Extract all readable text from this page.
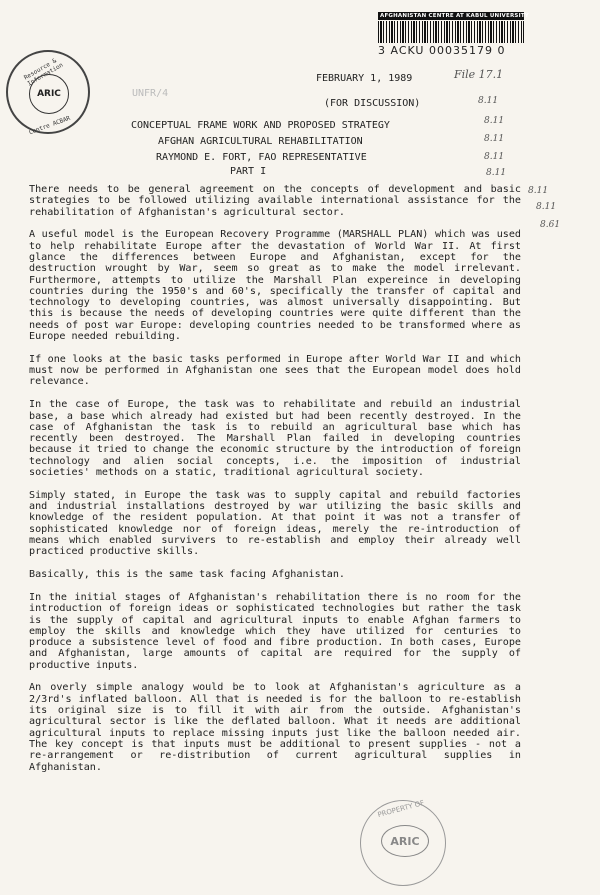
Resource & Information
Centre ACBAR
ARIC
AFGHANISTAN CENTRE AT KABUL UNIVERSITY
3 ACKU 00035179 0
UNFR/4
FEBRUARY 1, 1989
(FOR DISCUSSION)
CONCEPTUAL FRAME WORK AND PROPOSED STRATEGY
AFGHAN AGRICULTURAL REHABILITATION
RAYMOND E. FORT, FAO REPRESENTATIVE
PART I
File 17.1
8.11
8.11
8.11
8.11
8.11
8.11
8.11
8.61

There needs to be general agreement on the concepts of development and basic strategies to be followed utilizing available international assistance for the rehabilitation of Afghanistan's agricultural sector.

A useful model is the European Recovery Programme (MARSHALL PLAN) which was used to help rehabilitate Europe after the devastation of World War II. At first glance the differences between Europe and Afghanistan, except for the destruction wrought by War, seem so great as to make the model irrelevant. Furthermore, attempts to utilize the Marshall Plan expereince in developing countries during the 1950's and 60's, specifically the transfer of capital and technology to developing countries, was almost universally disappointing. But this is because the needs of developing countries were quite different than the needs of post war Europe: developing countries needed to be transformed where as Europe needed rebuilding.

If one looks at the basic tasks performed in Europe after World War II and which must now be performed in Afghanistan one sees that the European model does hold relevance.

In the case of Europe, the task was to rehabilitate and rebuild an industrial base, a base which already had existed but had been recently destroyed. In the case of Afghanistan the task is to rebuild an agricultural base which has recently been destroyed. The Marshall Plan failed in developing countries because it tried to change the economic structure by the introduction of foreign technology and alien social concepts, i.e. the imposition of industrial societies' methods on a static, traditional agricultural society.

Simply stated, in Europe the task was to supply capital and rebuild factories and industrial installations destroyed by war utilizing the basic skills and knowledge of the resident population. At that point it was not a transfer of sophisticated knowledge nor of foreign ideas, merely the re-introduction of means which enabled survivers to re-establish and employ their already well practiced productive skills.

Basically, this is the same task facing Afghanistan.

In the initial stages of Afghanistan's rehabilitation there is no room for the introduction of foreign ideas or sophisticated technologies but rather the task is the supply of capital and agricultural inputs to enable Afghan farmers to employ the skills and knowledge which they have utilized for centuries to produce a subsistence level of food and fibre production. In both cases, Europe and Afghanistan, large amounts of capital are required for the supply of productive inputs.

An overly simple analogy would be to look at Afghanistan's agriculture as a 2/3rd's inflated balloon. All that is needed is for the balloon to re-establish its original size is to fill it with air from the outside. Afghanistan's agricultural sector is like the deflated balloon. What it needs are additional agricultural inputs to replace missing inputs just like the balloon needed air. The key concept is that inputs must be additional to present supplies - not a re-arrangement or re-distribution of current agricultural supplies in Afghanistan.

PROPERTY OF
ARIC
